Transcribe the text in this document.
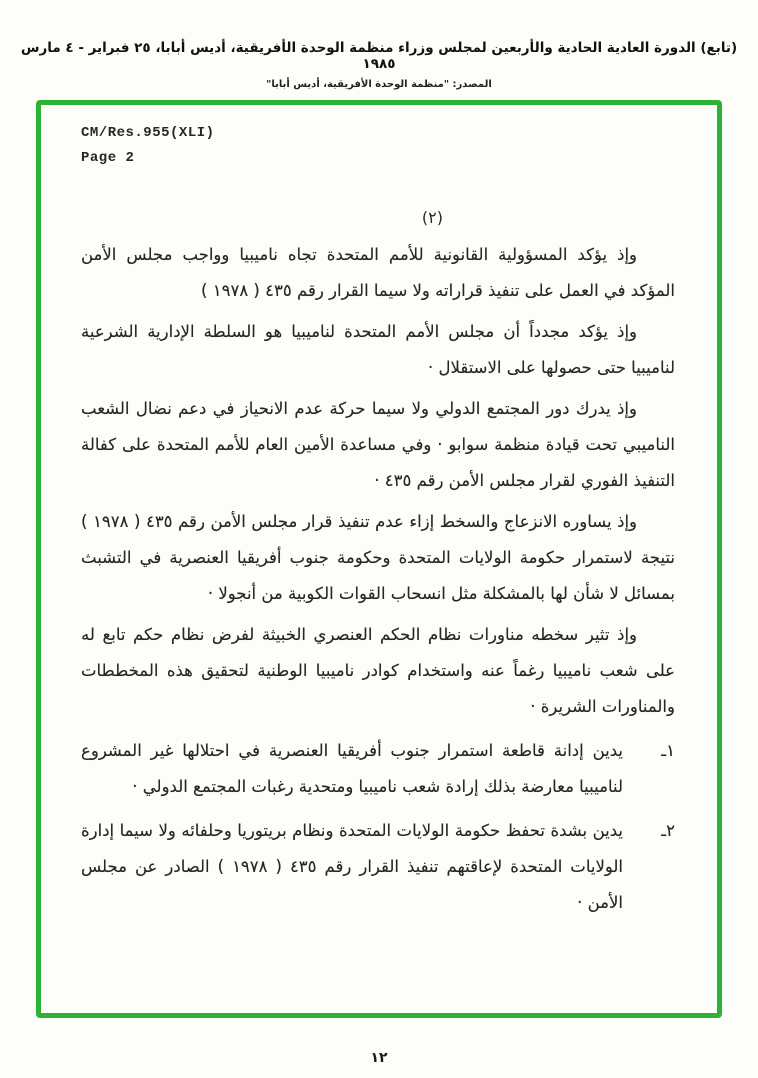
(تابع) الدورة العادية الحادية والأربعين لمجلس وزراء منظمة الوحدة الأفريقية، أديس أبابا، ٢٥ فبراير - ٤ مارس ١٩٨٥
المصدر: "منظمة الوحدة الأفريقية، أديس أبابا"
CM/Res.955(XLI)
Page 2
(٢)

وإذ يؤكد المسؤولية القانونية للأمم المتحدة تجاه ناميبيا وواجب مجلس الأمن المؤكد في العمل على تنفيذ قراراته ولا سيما القرار رقم ٤٣٥ ( ١٩٧٨ )

وإذ يؤكد مجدداً أن مجلس الأمم المتحدة لناميبيا هو السلطة الإدارية الشرعية لناميبيا حتى حصولها على الاستقلال ·

وإذ يدرك دور المجتمع الدولي ولا سيما حركة عدم الانحياز في دعم نضال الشعب الناميبي تحت قيادة منظمة سوابو · وفي مساعدة الأمين العام للأمم المتحدة على كفالة التنفيذ الفوري لقرار مجلس الأمن رقم ٤٣٥ ·

وإذ يساوره الانزعاج والسخط إزاء عدم تنفيذ قرار مجلس الأمن رقم ٤٣٥ ( ١٩٧٨ ) نتيجة لاستمرار حكومة الولايات المتحدة وحكومة جنوب أفريقيا العنصرية في التشبث بمسائل لا شأن لها بالمشكلة مثل انسحاب القوات الكوبية من أنجولا ·

وإذ تثير سخطه مناورات نظام الحكم العنصري الخبيثة لفرض نظام حكم تابع له على شعب ناميبيا رغماً عنه واستخدام كوادر ناميبيا الوطنية لتحقيق هذه المخططات والمناورات الشريرة ·

١ـ
يدين إدانة قاطعة استمرار جنوب أفريقيا العنصرية في احتلالها غير المشروع لناميبيا معارضة بذلك إرادة شعب ناميبيا ومتحدية رغبات المجتمع الدولي ·
٢ـ
يدين بشدة تحفظ حكومة الولايات المتحدة ونظام بريتوريا وحلفائه ولا سيما إدارة الولايات المتحدة لإعاقتهم تنفيذ القرار رقم ٤٣٥ ( ١٩٧٨ ) الصادر عن مجلس الأمن ·
١٢
